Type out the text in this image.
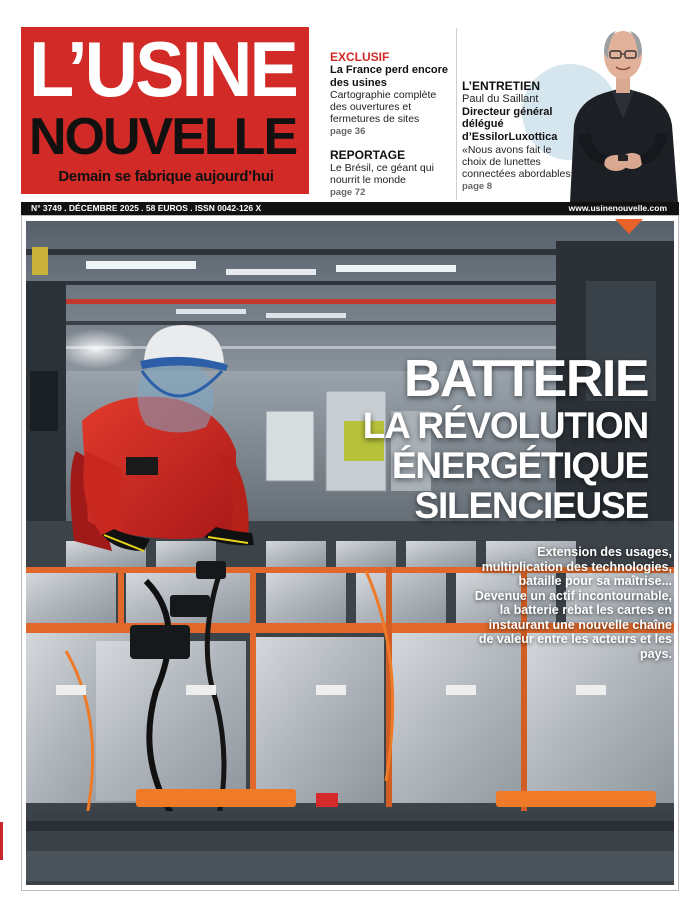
L’USINE
NOUVELLE
Demain se fabrique aujourd’hui
EXCLUSIF
La France perd encore des usines
Cartographie complète des ouvertures et fermetures de sites
page 36
REPORTAGE
Le Brésil, ce géant qui nourrit le monde
page 72
L’ENTRETIEN
Paul du Saillant
Directeur général délégué d’EssilorLuxottica
«Nous avons fait le choix de lunettes connectées abordables»
page 8
N° 3749 . DÉCEMBRE 2025 . 58 EUROS . ISSN 0042-126 X	www.usinenouvelle.com
BATTERIE
LA RÉVOLUTION
ÉNERGÉTIQUE
SILENCIEUSE
Extension des usages, multiplication des technologies, bataille pour sa maîtrise... Devenue un actif incontournable, la batterie rebat les cartes en instaurant une nouvelle chaîne de valeur entre les acteurs et les pays.
